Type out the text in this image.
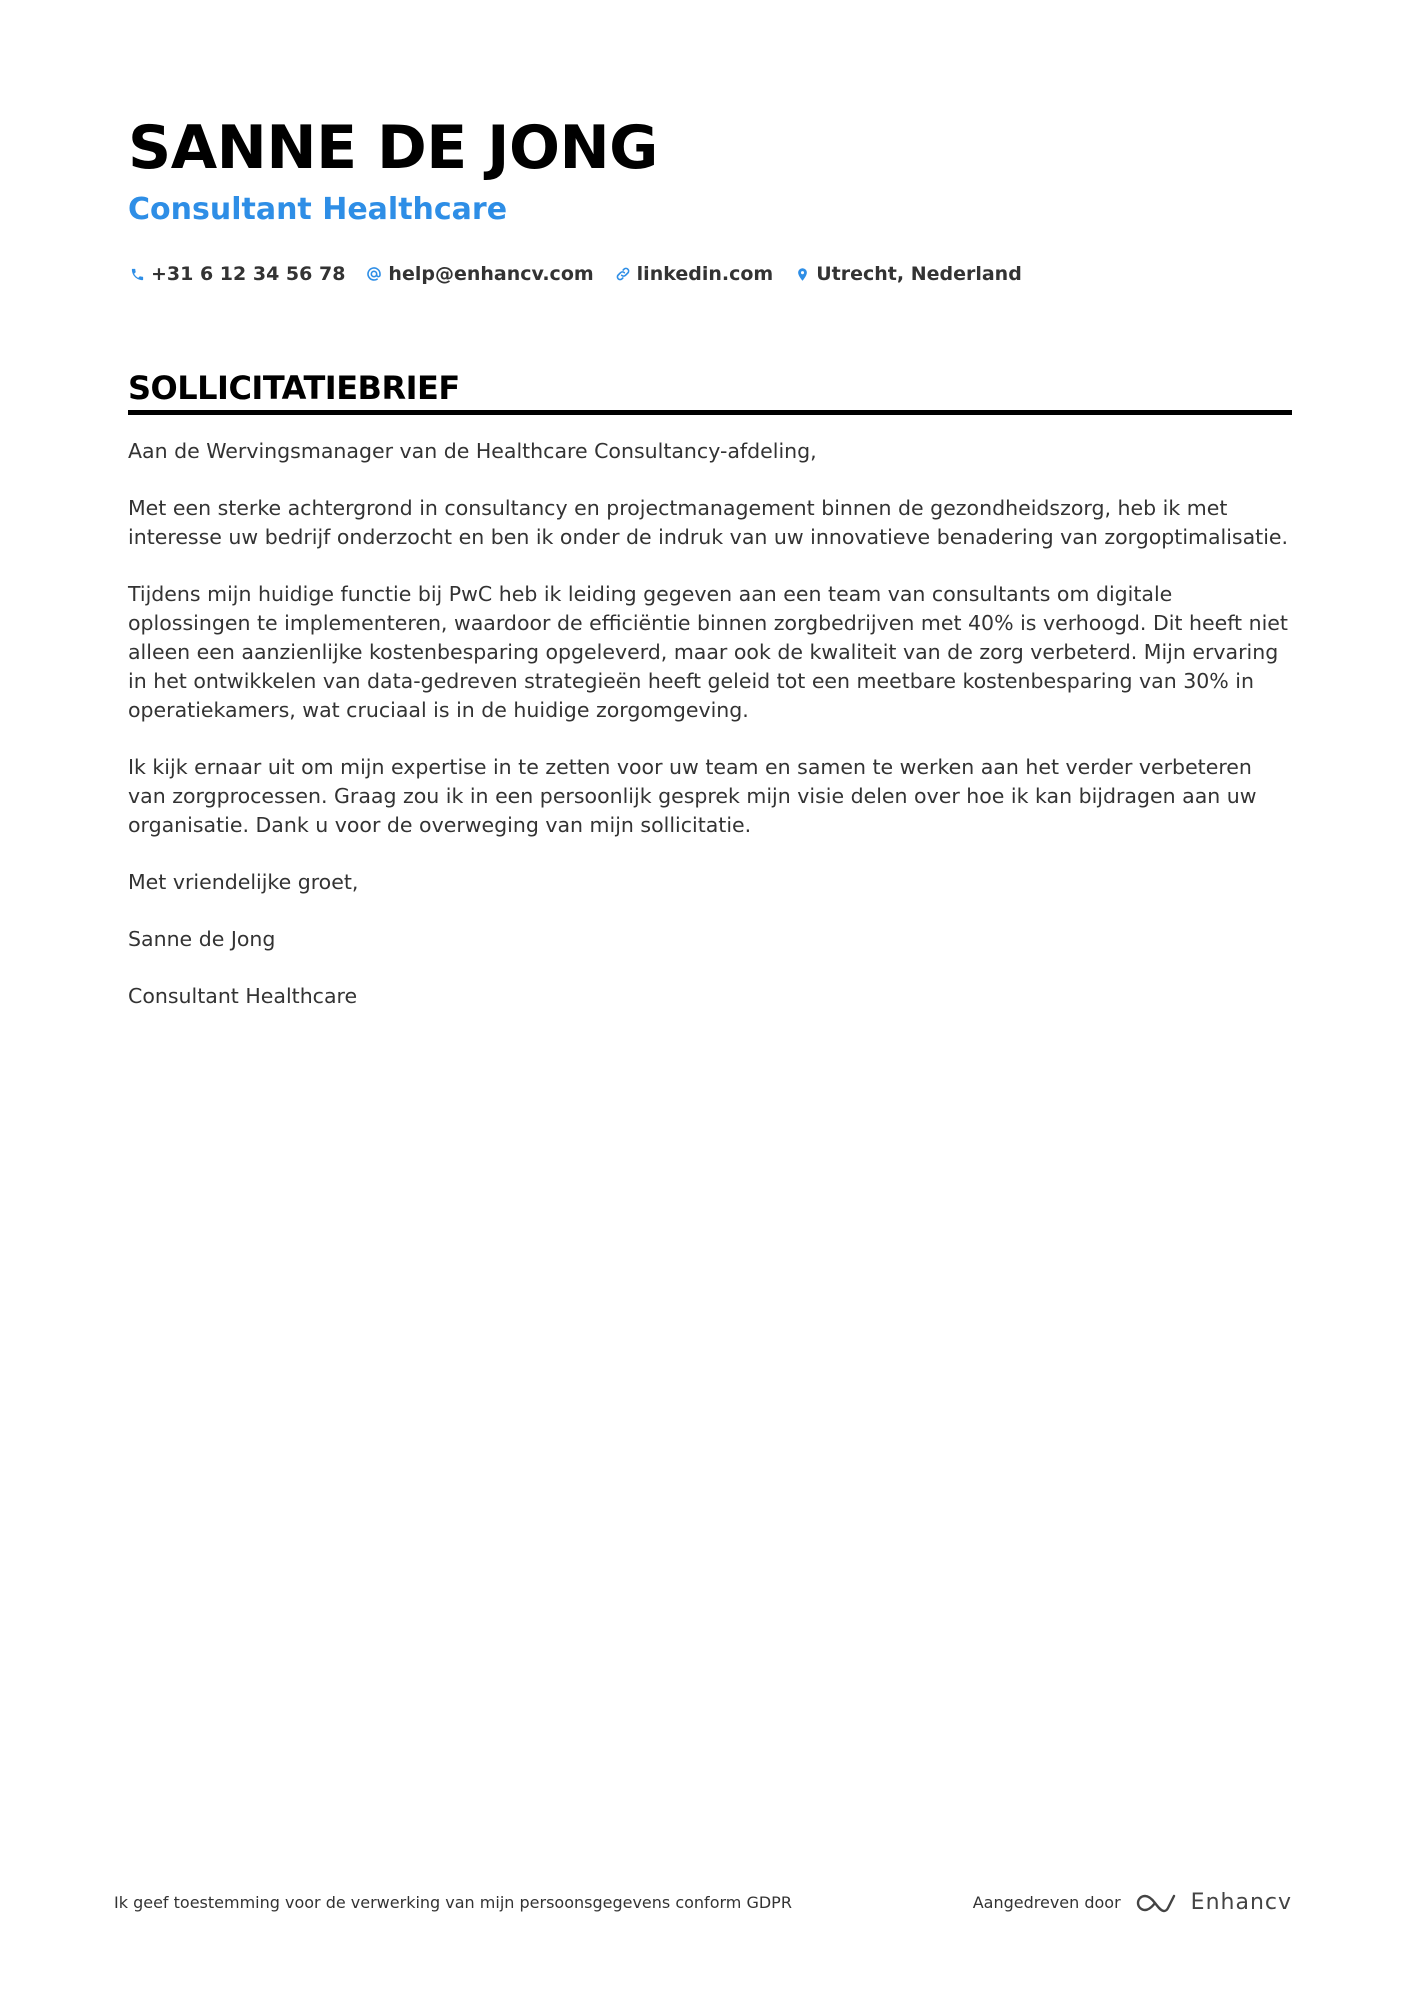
SANNE DE JONG
Consultant Healthcare
+31 6 12 34 56 78 help@enhancv.com linkedin.com Utrecht, Nederland
SOLLICITATIEBRIEF

Aan de Wervingsmanager van de Healthcare Consultancy-afdeling,

Met een sterke achtergrond in consultancy en projectmanagement binnen de gezondheidszorg, heb ik met interesse uw bedrijf onderzocht en ben ik onder de indruk van uw innovatieve benadering van zorgoptimalisatie.

Tijdens mijn huidige functie bij PwC heb ik leiding gegeven aan een team van consultants om digitale oplossingen te implementeren, waardoor de efficiëntie binnen zorgbedrijven met 40% is verhoogd. Dit heeft niet alleen een aanzienlijke kostenbesparing opgeleverd, maar ook de kwaliteit van de zorg verbeterd. Mijn ervaring in het ontwikkelen van data-gedreven strategieën heeft geleid tot een meetbare kostenbesparing van 30% in operatiekamers, wat cruciaal is in de huidige zorgomgeving.

Ik kijk ernaar uit om mijn expertise in te zetten voor uw team en samen te werken aan het verder verbeteren van zorgprocessen. Graag zou ik in een persoonlijk gesprek mijn visie delen over hoe ik kan bijdragen aan uw organisatie. Dank u voor de overweging van mijn sollicitatie.

Met vriendelijke groet,

Sanne de Jong

Consultant Healthcare

Ik geef toestemming voor de verwerking van mijn persoonsgegevens conform GDPR	Aangedreven door	Enhancv
